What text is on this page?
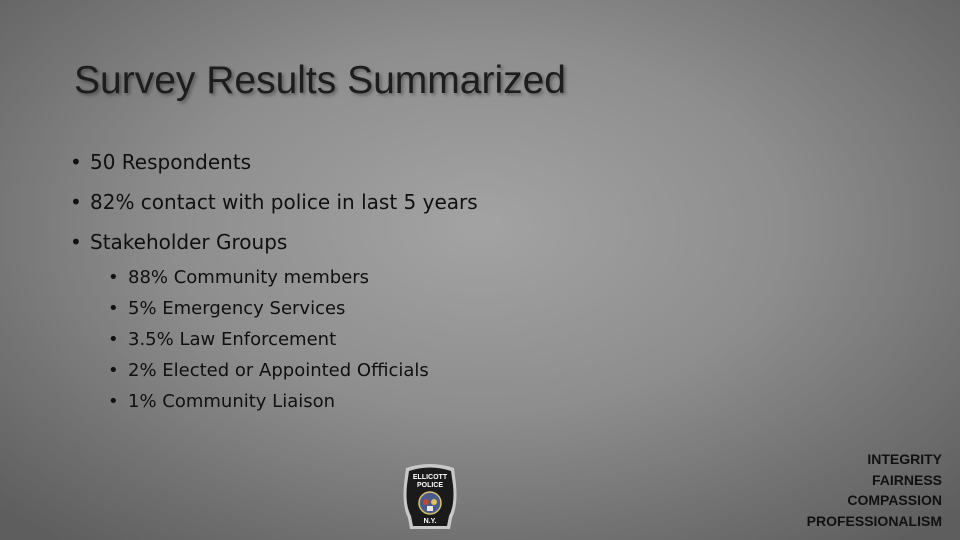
Survey Results Summarized
• 50 Respondents
• 82% contact with police in last 5 years
• Stakeholder Groups
• 88% Community members
• 5% Emergency Services
• 3.5% Law Enforcement
• 2% Elected or Appointed Officials
• 1% Community Liaison
ELLICOTT
POLICE
N.Y.
INTEGRITY
FAIRNESS
COMPASSION
PROFESSIONALISM
